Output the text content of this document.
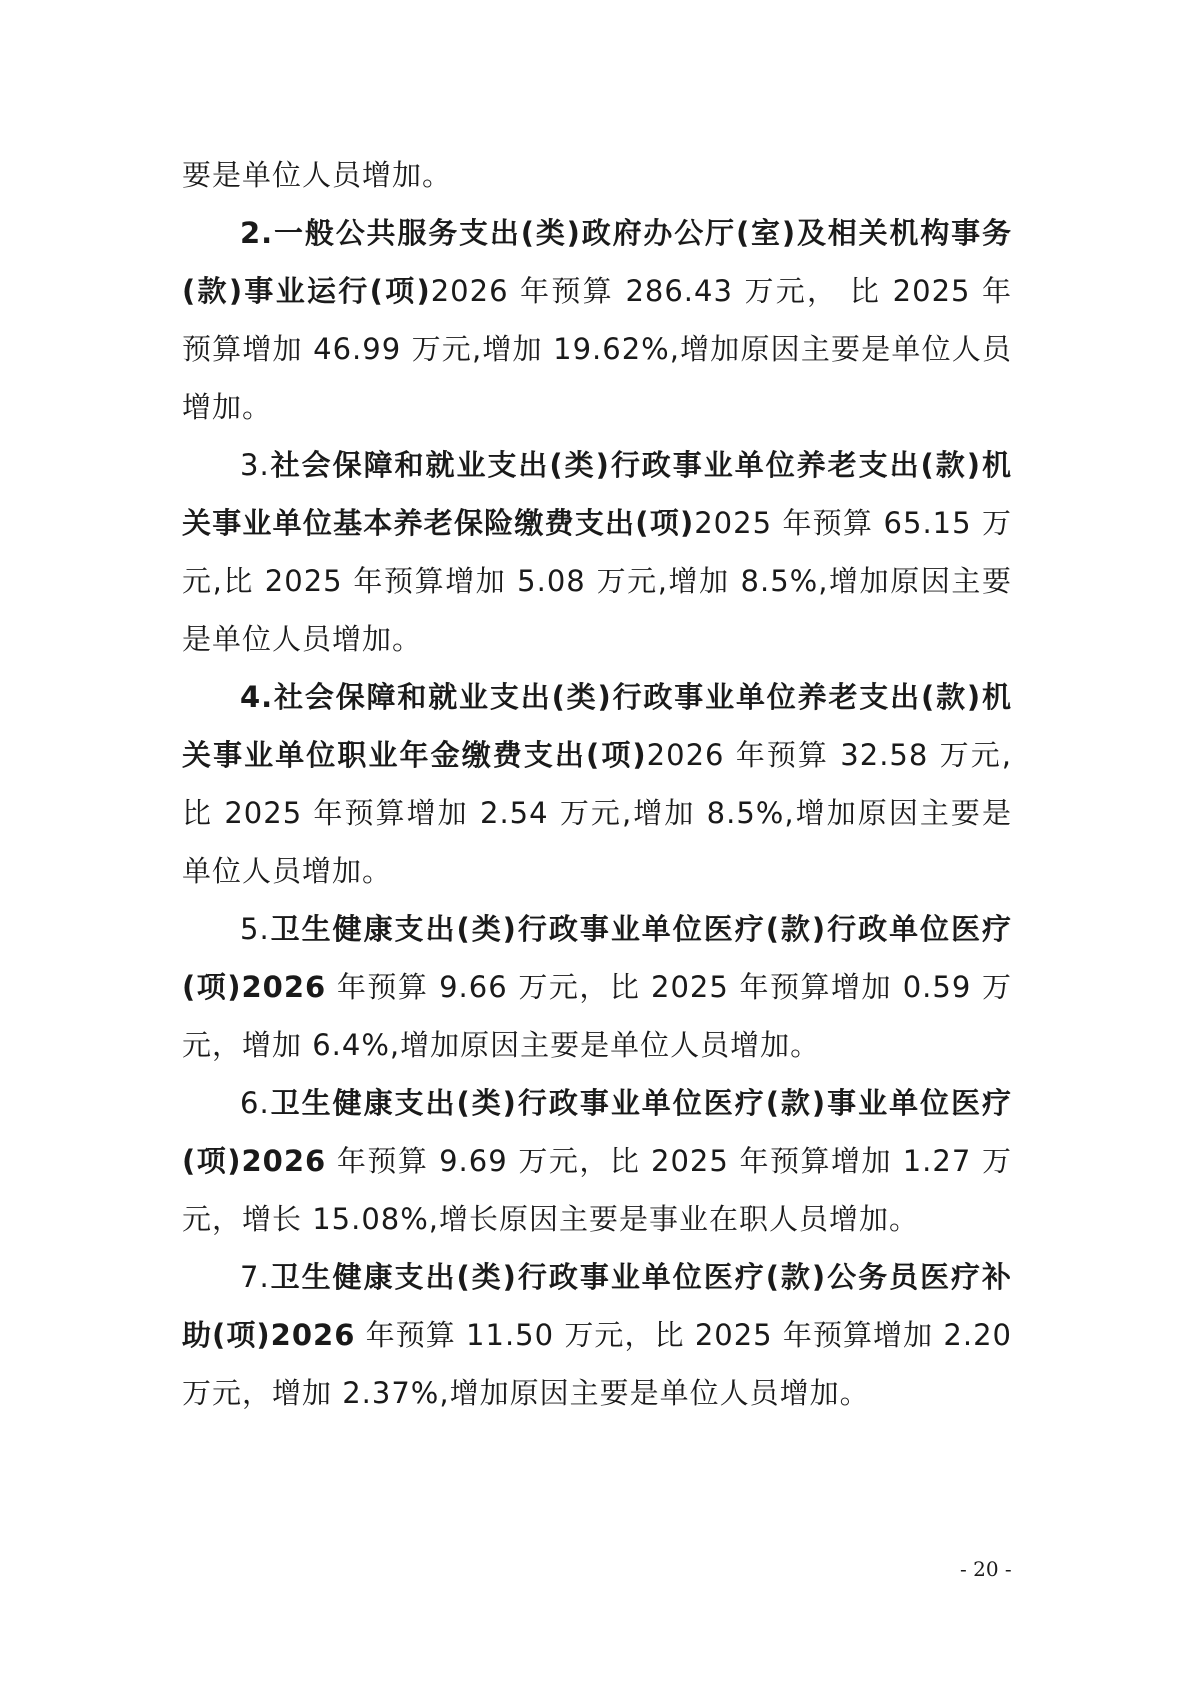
要是单位人员增加。

2.一般公共服务支出(类)政府办公厅(室)及相关机构事务 (款)事业运行(项)2026 年预算 286.43 万元， 比 2025 年预算增加 46.99 万元,增加 19.62%,增加原因主要是单位人员增加。

3.社会保障和就业支出(类)行政事业单位养老支出(款)机关事业单位基本养老保险缴费支出(项)2025 年预算 65.15 万元,比 2025 年预算增加 5.08 万元,增加 8.5%,增加原因主要是单位人员增加。

4.社会保障和就业支出(类)行政事业单位养老支出(款)机关事业单位职业年金缴费支出(项)2026 年预算 32.58 万元,比 2025 年预算增加 2.54 万元,增加 8.5%,增加原因主要是单位人员增加。

5.卫生健康支出(类)行政事业单位医疗(款)行政单位医疗 (项)2026 年预算 9.66 万元，比 2025 年预算增加 0.59 万元，增加 6.4%,增加原因主要是单位人员增加。

6.卫生健康支出(类)行政事业单位医疗(款)事业单位医疗 (项)2026 年预算 9.69 万元，比 2025 年预算增加 1.27 万元，增长 15.08%,增长原因主要是事业在职人员增加。

7.卫生健康支出(类)行政事业单位医疗(款)公务员医疗补助(项)2026 年预算 11.50 万元，比 2025 年预算增加 2.20 万元，增加 2.37%,增加原因主要是单位人员增加。

- 20 -
